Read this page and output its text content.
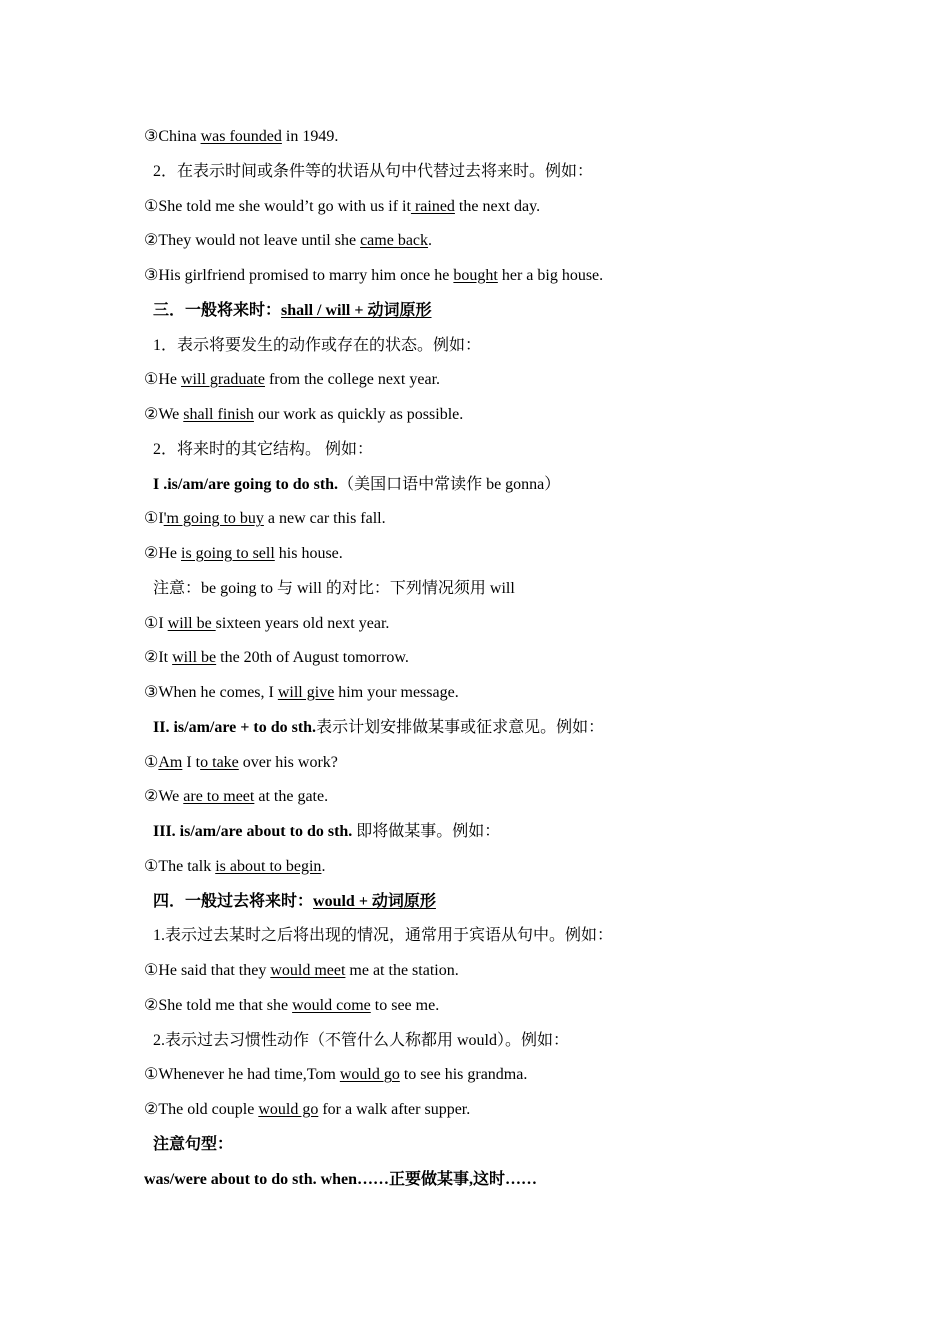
③China was founded in 1949.
2．在表示时间或条件等的状语从句中代替过去将来时。例如：
①She told me she would’t go with us if it rained the next day.
②They would not leave until she came back.
③His girlfriend promised to marry him once he bought her a big house.
三．一般将来时：shall / will + 动词原形
1．表示将要发生的动作或存在的状态。例如：
①He will graduate from the college next year.
②We shall finish our work as quickly as possible.
2．将来时的其它结构。 例如：
I .is/am/are going to do sth.（美国口语中常读作 be gonna）
①I'm going to buy a new car this fall.
②He is going to sell his house.
注意：be going to 与 will 的对比：下列情况须用 will
①I will be sixteen years old next year.
②It will be the 20th of August tomorrow.
③When he comes, I will give him your message.
II. is/am/are + to do sth.表示计划安排做某事或征求意见。例如：
①Am I to take over his work?
②We are to meet at the gate.
III. is/am/are about to do sth. 即将做某事。例如：
①The talk is about to begin.
四．一般过去将来时：would + 动词原形
1.表示过去某时之后将出现的情况，通常用于宾语从句中。例如：
①He said that they would meet me at the station.
②She told me that she would come to see me.
2.表示过去习惯性动作（不管什么人称都用 would）。例如：
①Whenever he had time,Tom would go to see his grandma.
②The old couple would go for a walk after supper.
注意句型：
was/were about to do sth. when……正要做某事,这时……
